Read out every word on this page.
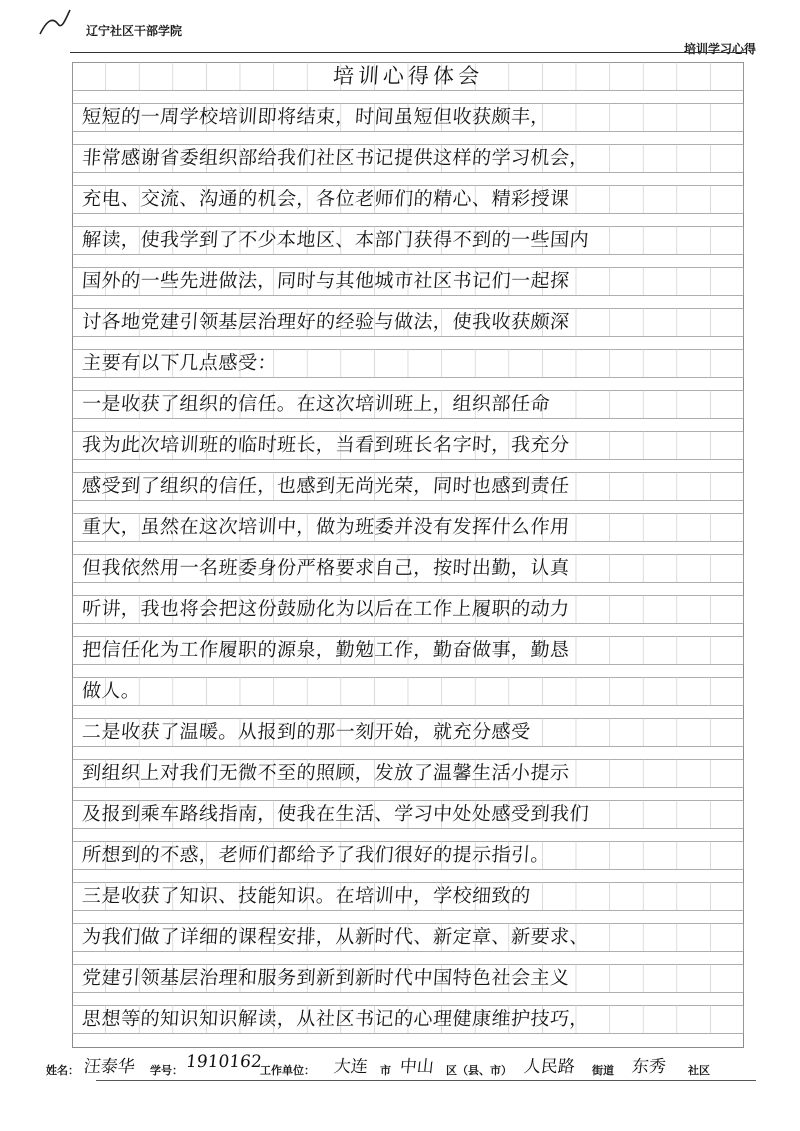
辽宁社区干部学院
培训学习心得
培训心得体会
短短的一周学校培训即将结束，时间虽短但收获颇丰，
非常感谢省委组织部给我们社区书记提供这样的学习机会，
充电、交流、沟通的机会，各位老师们的精心、精彩授课
解读，使我学到了不少本地区、本部门获得不到的一些国内
国外的一些先进做法，同时与其他城市社区书记们一起探
讨各地党建引领基层治理好的经验与做法，使我收获颇深
主要有以下几点感受：
一是收获了组织的信任。在这次培训班上，组织部任命
我为此次培训班的临时班长，当看到班长名字时，我充分
感受到了组织的信任，也感到无尚光荣，同时也感到责任
重大，虽然在这次培训中，做为班委并没有发挥什么作用
但我依然用一名班委身份严格要求自己，按时出勤，认真
听讲，我也将会把这份鼓励化为以后在工作上履职的动力
把信任化为工作履职的源泉，勤勉工作，勤奋做事，勤恳
做人。
二是收获了温暖。从报到的那一刻开始，就充分感受
到组织上对我们无微不至的照顾，发放了温馨生活小提示
及报到乘车路线指南，使我在生活、学习中处处感受到我们
所想到的不惑，老师们都给予了我们很好的提示指引。
三是收获了知识、技能知识。在培训中，学校细致的
为我们做了详细的课程安排，从新时代、新定章、新要求、
党建引领基层治理和服务到新到新时代中国特色社会主义
思想等的知识知识解读，从社区书记的心理健康维护技巧，
姓名： 汪泰华 学号： 1910162
工作单位： 大连 市 中山 区（县、市） 人民路 街道 东秀 社区
